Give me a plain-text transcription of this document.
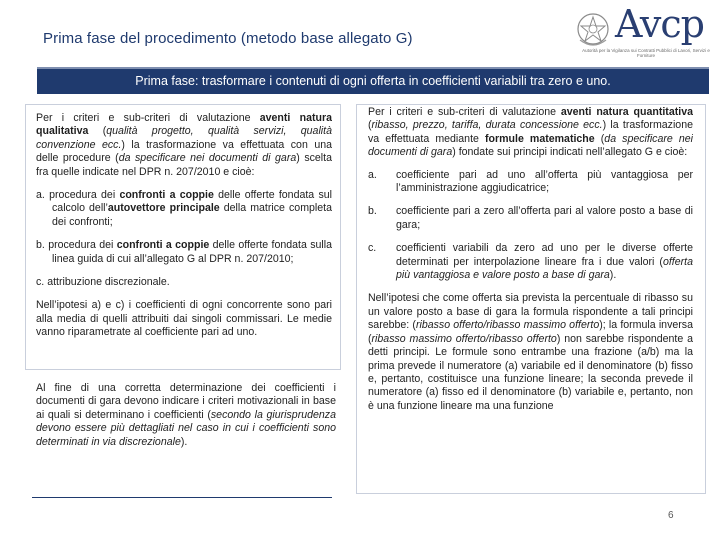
Prima fase del procedimento (metodo base allegato G)	Avcp
Autorità per la Vigilanza sui Contratti Pubblici di Lavori, Servizi e Forniture
Prima fase: trasformare i contenuti di ogni offerta in coefficienti variabili tra zero e uno.

Per i criteri e sub-criteri di valutazione aventi natura qualitativa (qualità progetto, qualità servizi, qualità convenzione ecc.) la trasformazione va effettuata con una delle procedure (da specificare nei documenti di gara) scelta fra quelle indicate nel DPR n. 207/2010 e cioè:

a. procedura dei confronti a coppie delle offerte fondata sul calcolo dell’autovettore principale della matrice completa dei confronti;
b. procedura dei confronti a coppie delle offerte fondata sulla linea guida di cui all’allegato G al DPR n. 207/2010;
c. attribuzione discrezionale.

Nell’ipotesi a) e c) i coefficienti di ogni concorrente sono pari alla media di quelli attribuiti dai singoli commissari. Le medie vanno riparametrate al coefficiente pari ad uno.

Al fine di una corretta determinazione dei coefficienti i documenti di gara devono indicare i criteri motivazionali in base ai quali si determinano i coefficienti (secondo la giurisprudenza devono essere più dettagliati nel caso in cui i coefficienti sono determinati in via discrezionale).

Per i criteri e sub-criteri di valutazione aventi natura quantitativa (ribasso, prezzo, tariffa, durata concessione ecc.) la trasformazione va effettuata mediante formule matematiche (da specificare nei documenti di gara) fondate sui principi indicati nell’allegato G e cioè:

a.	coefficiente pari ad uno all’offerta più vantaggiosa per l’amministrazione aggiudicatrice;
b.	coefficiente pari a zero all’offerta pari al valore posto a base di gara;
c.	coefficienti variabili da zero ad uno per le diverse offerte determinati per interpolazione lineare fra i due valori (offerta più vantaggiosa e valore posto a base di gara).

Nell’ipotesi che come offerta sia prevista la percentuale di ribasso su un valore posto a base di gara la formula rispondente a tali principi sarebbe: (ribasso offerto/ribasso massimo offerto); la formula inversa (ribasso massimo offerto/ribasso offerto) non sarebbe rispondente a detti principi. Le formule sono entrambe una frazione (a/b) ma la prima prevede il numeratore (a) variabile ed il denominatore (b) fisso e, pertanto, costituisce una funzione lineare; la seconda prevede il numeratore (a) fisso ed il denominatore (b) variabile e, pertanto, non è una funzione lineare ma una funzione

6
